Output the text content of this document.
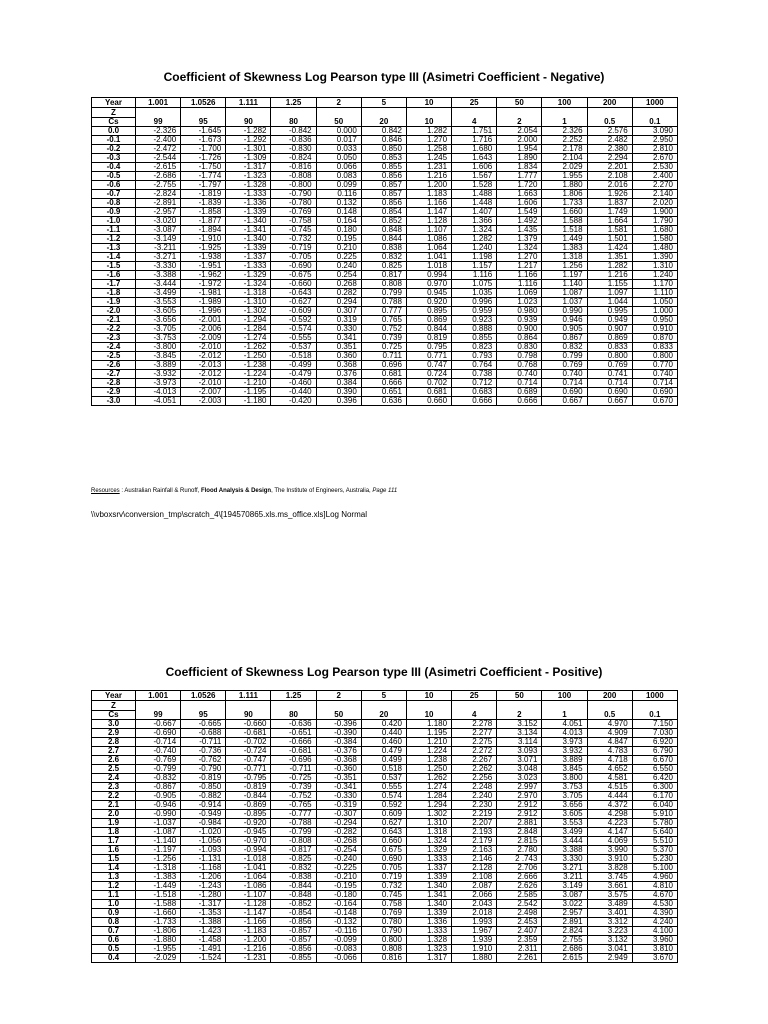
Coefficient of Skewness Log Pearson type III (Asimetri Coefficient - Negative)
Year	1.001	1.0526	1.111	1.25	2	5	10	25	50	100	200	1000
Z	99	95	90	80	50	20	10	4	2	1	0.5	0.1
Cs												
0.0	-2.326	-1.645	-1.282	-0.842	0.000	0.842	1.282	1.751	2.054	2.326	2.576	3.090
-0.1	-2.400	-1.673	-1.292	-0.836	0.017	0.846	1.270	1.716	2.000	2.252	2.482	2.950
-0.2	-2.472	-1.700	-1.301	-0.830	0.033	0.850	1.258	1.680	1.954	2.178	2.380	2.810
-0.3	-2.544	-1.726	-1.309	-0.824	0.050	0.853	1.245	1.643	1.890	2.104	2.294	2.670
-0.4	-2.615	-1.750	-1.317	-0.816	0.066	0.855	1.231	1.606	1.834	2.029	2.201	2.530
-0.5	-2.686	-1.774	-1.323	-0.808	0.083	0.856	1.216	1.567	1.777	1.955	2.108	2.400
-0.6	-2.755	-1.797	-1.328	-0.800	0.099	0.857	1.200	1.528	1.720	1.880	2.016	2.270
-0.7	-2.824	-1.819	-1.333	-0.790	0.116	0.857	1.183	1.488	1.663	1.806	1.926	2.140
-0.8	-2.891	-1.839	-1.336	-0.780	0.132	0.856	1.166	1.448	1.606	1.733	1.837	2.020
-0.9	-2.957	-1.858	-1.339	-0.769	0.148	0.854	1.147	1.407	1.549	1.660	1.749	1.900
-1.0	-3.020	-1.877	-1.340	-0.758	0.164	0.852	1.128	1.366	1.492	1.588	1.664	1.790
-1.1	-3.087	-1.894	-1.341	-0.745	0.180	0.848	1.107	1.324	1.435	1.518	1.581	1.680
-1.2	-3.149	-1.910	-1.340	-0.732	0.195	0.844	1.086	1.282	1.379	1.449	1.501	1.580
-1.3	-3.211	-1.925	-1.339	-0.719	0.210	0.838	1.064	1.240	1.324	1.383	1.424	1.480
-1.4	-3.271	-1.938	-1.337	-0.705	0.225	0.832	1.041	1.198	1.270	1.318	1.351	1.390
-1.5	-3.330	-1.951	-1.333	-0.690	0.240	0.825	1.018	1.157	1.217	1.256	1.282	1.310
-1.6	-3.388	-1.962	-1.329	-0.675	0.254	0.817	0.994	1.116	1.166	1.197	1.216	1.240
-1.7	-3.444	-1.972	-1.324	-0.660	0.268	0.808	0.970	1.075	1.116	1.140	1.155	1.170
-1.8	-3.499	-1.981	-1.318	-0.643	0.282	0.799	0.945	1.035	1.069	1.087	1.097	1.110
-1.9	-3.553	-1.989	-1.310	-0.627	0.294	0.788	0.920	0.996	1.023	1.037	1.044	1.050
-2.0	-3.605	-1.996	-1.302	-0.609	0.307	0.777	0.895	0.959	0.980	0.990	0.995	1.000
-2.1	-3.656	-2.001	-1.294	-0.592	0.319	0.765	0.869	0.923	0.939	0.946	0.949	0.950
-2.2	-3.705	-2.006	-1.284	-0.574	0.330	0.752	0.844	0.888	0.900	0.905	0.907	0.910
-2.3	-3.753	-2.009	-1.274	-0.555	0.341	0.739	0.819	0.855	0.864	0.867	0.869	0.870
-2.4	-3.800	-2.010	-1.262	-0.537	0.351	0.725	0.795	0.823	0.830	0.832	0.833	0.833
-2.5	-3.845	-2.012	-1.250	-0.518	0.360	0.711	0.771	0.793	0.798	0.799	0.800	0.800
-2.6	-3.889	-2.013	-1.238	-0.499	0.368	0.696	0.747	0.764	0.768	0.769	0.769	0.770
-2.7	-3.932	-2.012	-1.224	-0.479	0.376	0.681	0.724	0.738	0.740	0.740	0.741	0.740
-2.8	-3.973	-2.010	-1.210	-0.460	0.384	0.666	0.702	0.712	0.714	0.714	0.714	0.714
-2.9	-4.013	-2.007	-1.195	-0.440	0.390	0.651	0.681	0.683	0.689	0.690	0.690	0.690
-3.0	-4.051	-2.003	-1.180	-0.420	0.396	0.636	0.660	0.666	0.666	0.667	0.667	0.670
Resources : Australian Rainfall & Runoff, Flood Analysis & Design, The Institute of Engineers, Australia, Page 111
\\vboxsrv\conversion_tmp\scratch_4\[194570865.xls.ms_office.xls]Log Normal
Coefficient of Skewness Log Pearson type III (Asimetri Coefficient - Positive)
Year	1.001	1.0526	1.111	1.25	2	5	10	25	50	100	200	1000
Z	99	95	90	80	50	20	10	4	2	1	0.5	0.1
Cs												
3.0	-0.667	-0.665	-0.660	-0.636	-0.396	0.420	1.180	2.278	3.152	4.051	4.970	7.150
2.9	-0.690	-0.688	-0.681	-0.651	-0.390	0.440	1.195	2.277	3.134	4.013	4.909	7.030
2.8	-0.714	-0.711	-0.702	-0.666	-0.384	0.460	1.210	2.275	3.114	3.973	4.847	6.920
2.7	-0.740	-0.736	-0.724	-0.681	-0.376	0.479	1.224	2.272	3.093	3.932	4.783	6.790
2.6	-0.769	-0.762	-0.747	-0.696	-0.368	0.499	1.238	2.267	3.071	3.889	4.718	6.670
2.5	-0.799	-0.790	-0.771	-0.711	-0.360	0.518	1.250	2.262	3.048	3.845	4.652	6.550
2.4	-0.832	-0.819	-0.795	-0.725	-0.351	0.537	1.262	2.256	3.023	3.800	4.581	6.420
2.3	-0.867	-0.850	-0.819	-0.739	-0.341	0.555	1.274	2.248	2.997	3.753	4.515	6.300
2.2	-0.905	-0.882	-0.844	-0.752	-0.330	0.574	1.284	2.240	2.970	3.705	4.444	6.170
2.1	-0.946	-0.914	-0.869	-0.765	-0.319	0.592	1.294	2.230	2.912	3.656	4.372	6.040
2.0	-0.990	-0.949	-0.895	-0.777	-0.307	0.609	1.302	2.219	2.912	3.605	4.298	5.910
1.9	-1.037	-0.984	-0.920	-0.788	-0.294	0.627	1.310	2.207	2.881	3.553	4.223	5.780
1.8	-1.087	-1.020	-0.945	-0.799	-0.282	0.643	1.318	2.193	2.848	3.499	4.147	5.640
1.7	-1.140	-1.056	-0.970	-0.808	-0.268	0.660	1.324	2.179	2.815	3.444	4.069	5.510
1.6	-1.197	-1.093	-0.994	-0.817	-0.254	0.675	1.329	2.163	2.780	3.388	3.990	5.370
1.5	-1.256	-1.131	-1.018	-0.825	-0.240	0.690	1.333	2.146	2 .743	3.330	3.910	5.230
1.4	-1.318	-1.168	-1.041	-0.832	-0.225	0.705	1.337	2.128	2.706	3.271	3.828	5.100
1.3	-1.383	-1.206	-1.064	-0.838	-0.210	0.719	1.339	2.108	2.666	3.211	3.745	4.960
1.2	-1.449	-1.243	-1.086	-0.844	-0.195	0.732	1.340	2.087	2.626	3.149	3.661	4.810
1.1	-1.518	-1.280	-1.107	-0.848	-0.180	0.745	1.341	2.066	2.585	3.087	3.575	4.670
1.0	-1.588	-1.317	-1.128	-0.852	-0.164	0.758	1.340	2.043	2.542	3.022	3.489	4.530
0.9	-1.660	-1.353	-1.147	-0.854	-0.148	0.769	1.339	2.018	2.498	2.957	3.401	4.390
0.8	-1.733	-1.388	-1.166	-0.856	-0.132	0.780	1.336	1.993	2.453	2.891	3.312	4.240
0.7	-1.806	-1.423	-1.183	-0.857	-0.116	0.790	1.333	1.967	2.407	2.824	3.223	4.100
0.6	-1.880	-1.458	-1.200	-0.857	-0.099	0.800	1.328	1.939	2.359	2.755	3.132	3.960
0.5	-1.955	-1.491	-1.216	-0.856	-0.083	0.808	1.323	1.910	2.311	2.686	3.041	3.810
0.4	-2.029	-1.524	-1.231	-0.855	-0.066	0.816	1.317	1.880	2.261	2.615	2.949	3.670
